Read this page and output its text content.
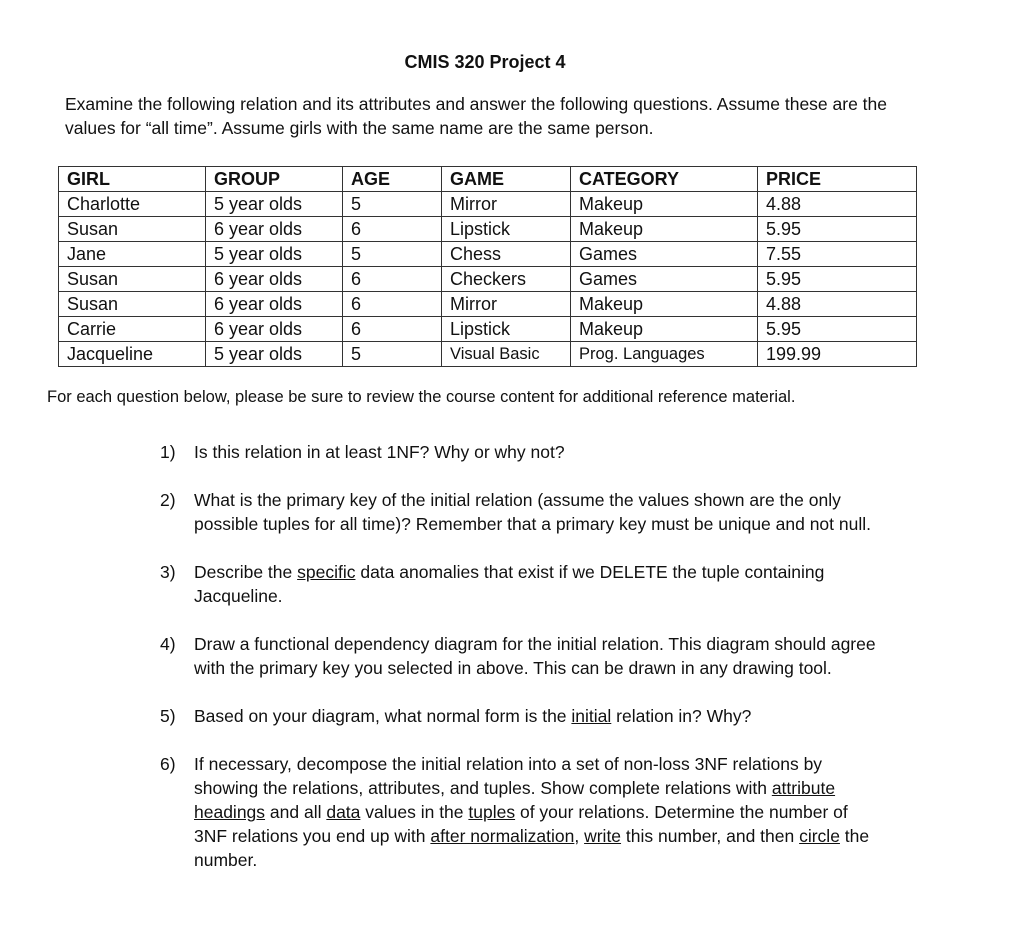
CMIS 320 Project 4
Examine the following relation and its attributes and answer the following questions. Assume these are the values for “all time”. Assume girls with the same name are the same person.
GIRL	GROUP	AGE	GAME	CATEGORY	PRICE
Charlotte	5 year olds	5	Mirror	Makeup	4.88
Susan	6 year olds	6	Lipstick	Makeup	5.95
Jane	5 year olds	5	Chess	Games	7.55
Susan	6 year olds	6	Checkers	Games	5.95
Susan	6 year olds	6	Mirror	Makeup	4.88
Carrie	6 year olds	6	Lipstick	Makeup	5.95
Jacqueline	5 year olds	5	Visual Basic	Prog. Languages	199.99
For each question below, please be sure to review the course content for additional reference material.
1)	Is this relation in at least 1NF? Why or why not?
2)	What is the primary key of the initial relation (assume the values shown are the only possible tuples for all time)? Remember that a primary key must be unique and not null.
3)	Describe the specific data anomalies that exist if we DELETE the tuple containing Jacqueline.
4)	Draw a functional dependency diagram for the initial relation. This diagram should agree with the primary key you selected in above. This can be drawn in any drawing tool.
5)	Based on your diagram, what normal form is the initial relation in? Why?
6)	If necessary, decompose the initial relation into a set of non-loss 3NF relations by showing the relations, attributes, and tuples. Show complete relations with attribute headings and all data values in the tuples of your relations. Determine the number of 3NF relations you end up with after normalization, write this number, and then circle the number.
